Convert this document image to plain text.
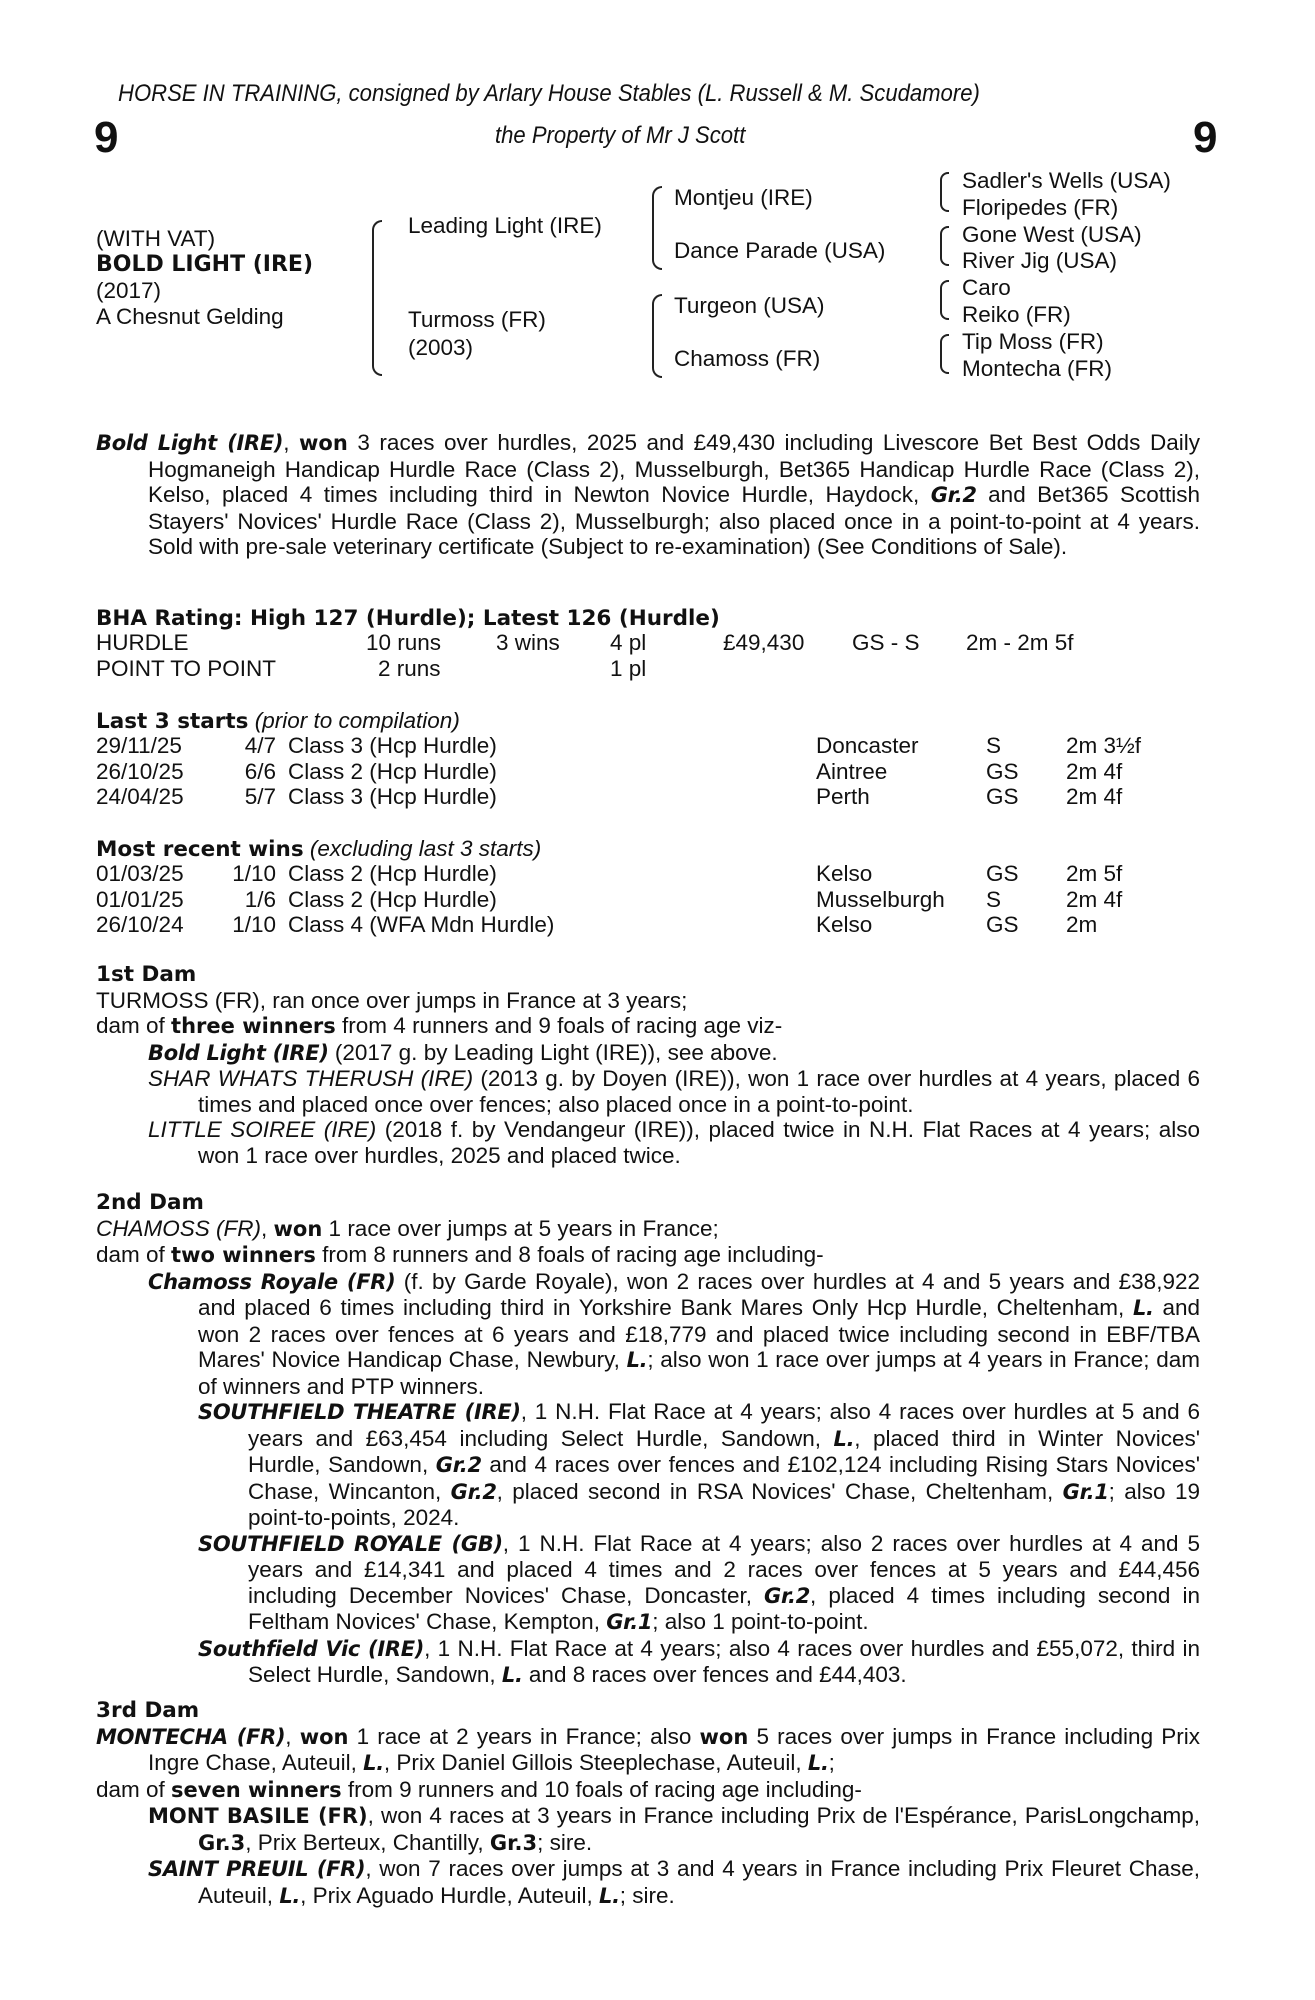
HORSE IN TRAINING, consigned by Arlary House Stables (L. Russell & M. Scudamore)
the Property of Mr J Scott
9	9
(WITH VAT)
BOLD LIGHT (IRE)
(2017)
A Chesnut Gelding
Leading Light (IRE)
Turmoss (FR)
(2003)
Montjeu (IRE)
Dance Parade (USA)
Turgeon (USA)
Chamoss (FR)
Sadler's Wells (USA)
Floripedes (FR)
Gone West (USA)
River Jig (USA)
Caro
Reiko (FR)
Tip Moss (FR)
Montecha (FR)
Bold Light (IRE), won 3 races over hurdles, 2025 and £49,430 including Livescore Bet Best Odds Daily Hogmaneigh Handicap Hurdle Race (Class 2), Musselburgh, Bet365 Handicap Hurdle Race (Class 2), Kelso, placed 4 times including third in Newton Novice Hurdle, Haydock, Gr.2 and Bet365 Scottish Stayers' Novices' Hurdle Race (Class 2), Musselburgh; also placed once in a point-to-point at 4 years. Sold with pre-sale veterinary certificate (Subject to re-examination) (See Conditions of Sale).
BHA Rating: High 127 (Hurdle); Latest 126 (Hurdle)
HURDLE	10 runs 3 wins 4 pl	£49,430 GS - S 2m - 2m 5f
POINT TO POINT	2 runs	1 pl
Last 3 starts (prior to compilation)
29/11/25	4/7 Class 3 (Hcp Hurdle)	Doncaster	S	2m 3½f
26/10/25	6/6 Class 2 (Hcp Hurdle)	Aintree	GS 2m 4f
24/04/25	5/7 Class 3 (Hcp Hurdle)	Perth	GS 2m 4f
Most recent wins (excluding last 3 starts)
01/03/25 1/10 Class 2 (Hcp Hurdle)	Kelso	GS 2m 5f
01/01/25	1/6 Class 2 (Hcp Hurdle)	Musselburgh S	2m 4f
26/10/24 1/10 Class 4 (WFA Mdn Hurdle)	Kelso	GS 2m
1st Dam
TURMOSS (FR), ran once over jumps in France at 3 years;
dam of three winners from 4 runners and 9 foals of racing age viz-
Bold Light (IRE) (2017 g. by Leading Light (IRE)), see above.
SHAR WHATS THERUSH (IRE) (2013 g. by Doyen (IRE)), won 1 race over hurdles at 4 years, placed 6 times and placed once over fences; also placed once in a point-to-point.
LITTLE SOIREE (IRE) (2018 f. by Vendangeur (IRE)), placed twice in N.H. Flat Races at 4 years; also won 1 race over hurdles, 2025 and placed twice.
2nd Dam
CHAMOSS (FR), won 1 race over jumps at 5 years in France;
dam of two winners from 8 runners and 8 foals of racing age including-
Chamoss Royale (FR) (f. by Garde Royale), won 2 races over hurdles at 4 and 5 years and £38,922 and placed 6 times including third in Yorkshire Bank Mares Only Hcp Hurdle, Cheltenham, L. and won 2 races over fences at 6 years and £18,779 and placed twice including second in EBF/TBA Mares' Novice Handicap Chase, Newbury, L.; also won 1 race over jumps at 4 years in France; dam of winners and PTP winners.
SOUTHFIELD THEATRE (IRE), 1 N.H. Flat Race at 4 years; also 4 races over hurdles at 5 and 6 years and £63,454 including Select Hurdle, Sandown, L., placed third in Winter Novices' Hurdle, Sandown, Gr.2 and 4 races over fences and £102,124 including Rising Stars Novices' Chase, Wincanton, Gr.2, placed second in RSA Novices' Chase, Cheltenham, Gr.1; also 19 point-to-points, 2024.
SOUTHFIELD ROYALE (GB), 1 N.H. Flat Race at 4 years; also 2 races over hurdles at 4 and 5 years and £14,341 and placed 4 times and 2 races over fences at 5 years and £44,456 including December Novices' Chase, Doncaster, Gr.2, placed 4 times including second in Feltham Novices' Chase, Kempton, Gr.1; also 1 point-to-point.
Southfield Vic (IRE), 1 N.H. Flat Race at 4 years; also 4 races over hurdles and £55,072, third in Select Hurdle, Sandown, L. and 8 races over fences and £44,403.
3rd Dam
MONTECHA (FR), won 1 race at 2 years in France; also won 5 races over jumps in France including Prix Ingre Chase, Auteuil, L., Prix Daniel Gillois Steeplechase, Auteuil, L.;
dam of seven winners from 9 runners and 10 foals of racing age including-
MONT BASILE (FR), won 4 races at 3 years in France including Prix de l'Espérance, ParisLongchamp, Gr.3, Prix Berteux, Chantilly, Gr.3; sire.
SAINT PREUIL (FR), won 7 races over jumps at 3 and 4 years in France including Prix Fleuret Chase, Auteuil, L., Prix Aguado Hurdle, Auteuil, L.; sire.
